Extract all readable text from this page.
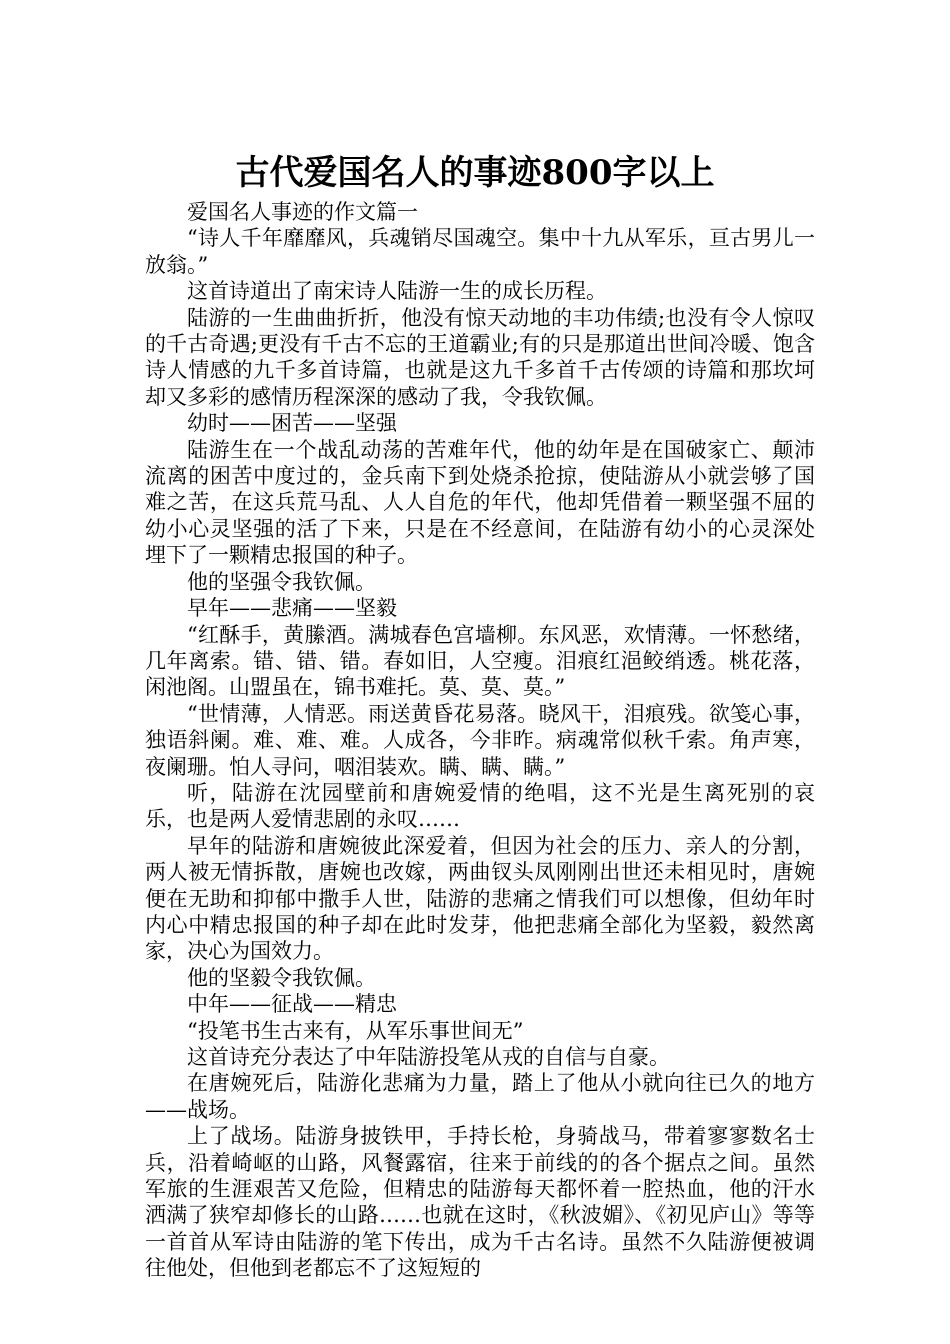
古代爱国名人的事迹800字以上

爱国名人事迹的作文篇一

“诗人千年靡靡风，兵魂销尽国魂空。集中十九从军乐，亘古男儿一放翁。”

这首诗道出了南宋诗人陆游一生的成长历程。

陆游的一生曲曲折折，他没有惊天动地的丰功伟绩;也没有令人惊叹的千古奇遇;更没有千古不忘的王道霸业;有的只是那道出世间冷暖、饱含诗人情感的九千多首诗篇，也就是这九千多首千古传颂的诗篇和那坎坷却又多彩的感情历程深深的感动了我，令我钦佩。

幼时——困苦——坚强

陆游生在一个战乱动荡的苦难年代，他的幼年是在国破家亡、颠沛流离的困苦中度过的，金兵南下到处烧杀抢掠，使陆游从小就尝够了国难之苦，在这兵荒马乱、人人自危的年代，他却凭借着一颗坚强不屈的幼小心灵坚强的活了下来，只是在不经意间，在陆游有幼小的心灵深处埋下了一颗精忠报国的种子。

他的坚强令我钦佩。

早年——悲痛——坚毅

“红酥手，黄縢酒。满城春色宫墙柳。东风恶，欢情薄。一怀愁绪，几年离索。错、错、错。春如旧，人空瘦。泪痕红浥鲛绡透。桃花落，闲池阁。山盟虽在，锦书难托。莫、莫、莫。”

“世情薄，人情恶。雨送黄昏花易落。晓风干，泪痕残。欲笺心事，独语斜阑。难、难、难。人成各，今非昨。病魂常似秋千索。角声寒，夜阑珊。怕人寻问，咽泪装欢。瞒、瞒、瞒。”

听，陆游在沈园壁前和唐婉爱情的绝唱，这不光是生离死别的哀乐，也是两人爱情悲剧的永叹……

早年的陆游和唐婉彼此深爱着，但因为社会的压力、亲人的分割，两人被无情拆散，唐婉也改嫁，两曲钗头凤刚刚出世还未相见时，唐婉便在无助和抑郁中撒手人世，陆游的悲痛之情我们可以想像，但幼年时内心中精忠报国的种子却在此时发芽，他把悲痛全部化为坚毅，毅然离家，决心为国效力。

他的坚毅令我钦佩。

中年——征战——精忠

“投笔书生古来有，从军乐事世间无”

这首诗充分表达了中年陆游投笔从戎的自信与自豪。

在唐婉死后，陆游化悲痛为力量，踏上了他从小就向往已久的地方——战场。

上了战场。陆游身披铁甲，手持长枪，身骑战马，带着寥寥数名士兵，沿着崎岖的山路，风餐露宿，往来于前线的的各个据点之间。虽然军旅的生涯艰苦又危险，但精忠的陆游每天都怀着一腔热血，他的汗水洒满了狭窄却修长的山路……也就在这时，《秋波媚》、《初见庐山》等等一首首从军诗由陆游的笔下传出，成为千古名诗。虽然不久陆游便被调往他处，但他到老都忘不了这短短的
